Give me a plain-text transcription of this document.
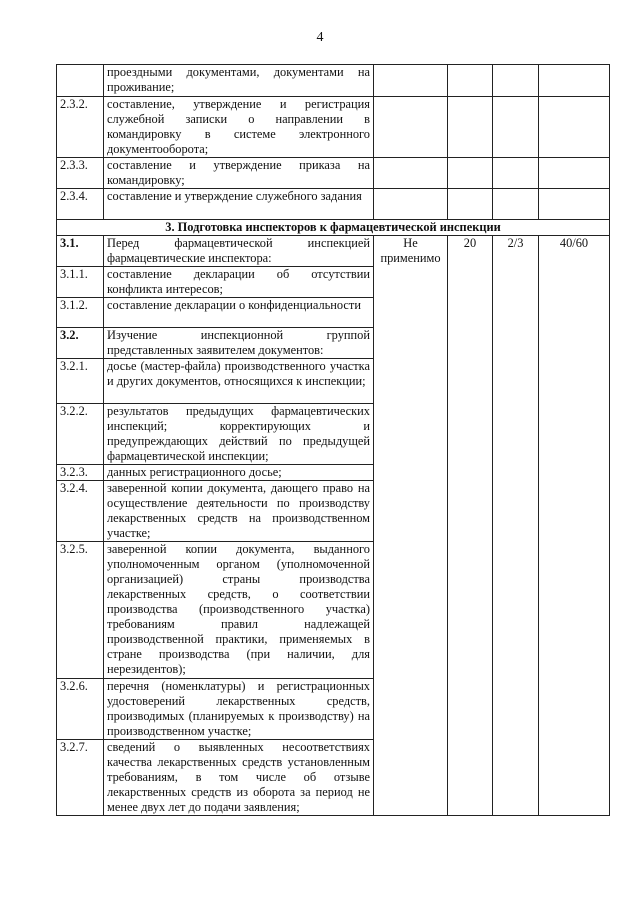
4
	проездными документами, документами на проживание;				
2.3.2.	составление, утверждение и регистрация служебной записки о направлении в командировку в системе электронного документооборота;				
2.3.3.	составление и утверждение приказа на командировку;				
2.3.4.	составление и утверждение служебного задания				
3. Подготовка инспекторов к фармацевтической инспекции					
3.1.	Перед фармацевтической инспекцией фармацевтические инспектора:	Не применимо	20	2/3	40/60
3.1.1.	составление декларации об отсутствии конфликта интересов;				
3.1.2.	составление декларации о конфиденциальности				
3.2.	Изучение инспекционной группой представленных заявителем документов:				
3.2.1.	досье (мастер-файла) производственного участка и других документов, относящихся к инспекции;				
3.2.2.	результатов предыдущих фармацевтических инспекций; корректирующих и предупреждающих действий по предыдущей фармацевтической инспекции;				
3.2.3.	данных регистрационного досье;				
3.2.4.	заверенной копии документа, дающего право на осуществление деятельности по производству лекарственных средств на производственном участке;				
3.2.5.	заверенной копии документа, выданного уполномоченным органом (уполномоченной организацией) страны производства лекарственных средств, о соответствии производства (производственного участка) требованиям правил надлежащей производственной практики, применяемых в стране производства (при наличии, для нерезидентов);				
3.2.6.	перечня (номенклатуры) и регистрационных удостоверений лекарственных средств, производимых (планируемых к производству) на производственном участке;				
3.2.7.	сведений о выявленных несоответствиях качества лекарственных средств установленным требованиям, в том числе об отзыве лекарственных средств из оборота за период не менее двух лет до подачи заявления;				
